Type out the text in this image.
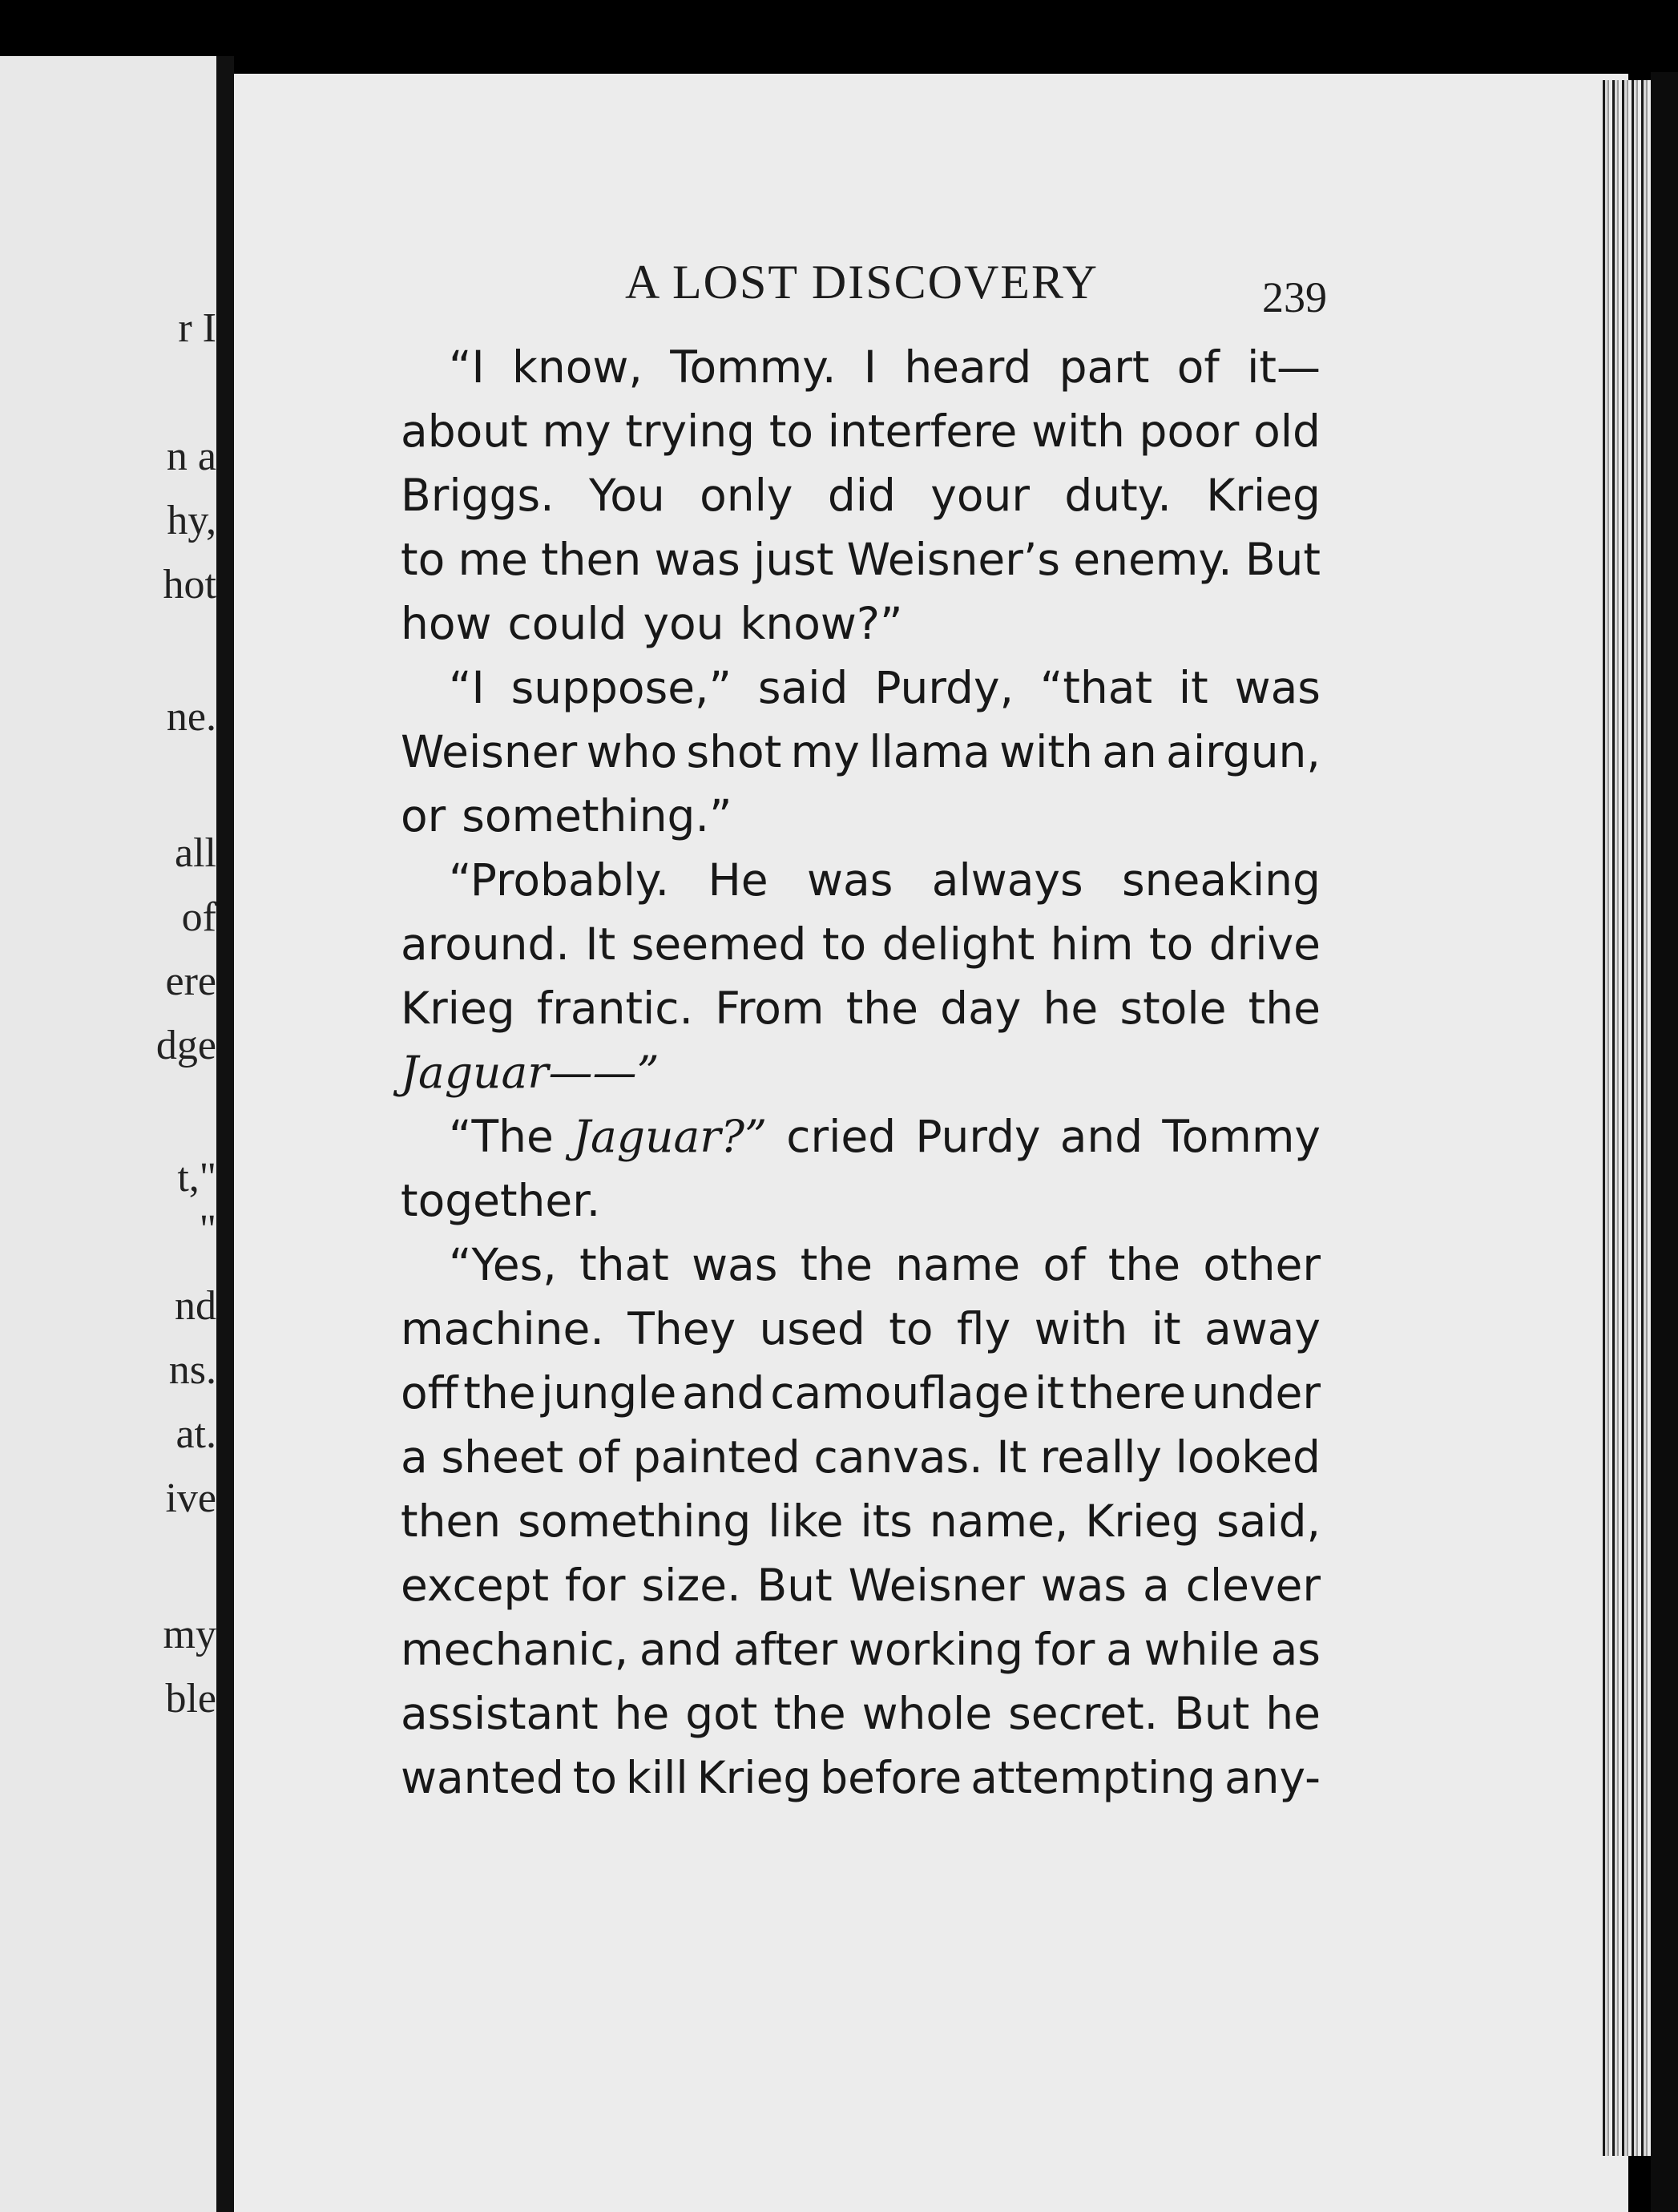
r I

n a

hy,

hot

ne.

all

of

ere

dge

t,"

"

nd

ns.

at.

ive

my

ble

A LOST DISCOVERY	239
“I know, Tommy. I heard part of it—
about my trying to interfere with poor old
Briggs. You only did your duty. Krieg
to me then was just Weisner’s enemy. But
how could you know?”
“I suppose,” said Purdy, “that it was
Weisner who shot my llama with an airgun,
or something.”
“Probably. He was always sneaking
around. It seemed to delight him to drive
Krieg frantic. From the day he stole the
Jaguar——”
“The Jaguar?” cried Purdy and Tommy
together.
“Yes, that was the name of the other
machine. They used to fly with it away
off the jungle and camouflage it there under
a sheet of painted canvas. It really looked
then something like its name, Krieg said,
except for size. But Weisner was a clever
mechanic, and after working for a while as
assistant he got the whole secret. But he
wanted to kill Krieg before attempting any-
